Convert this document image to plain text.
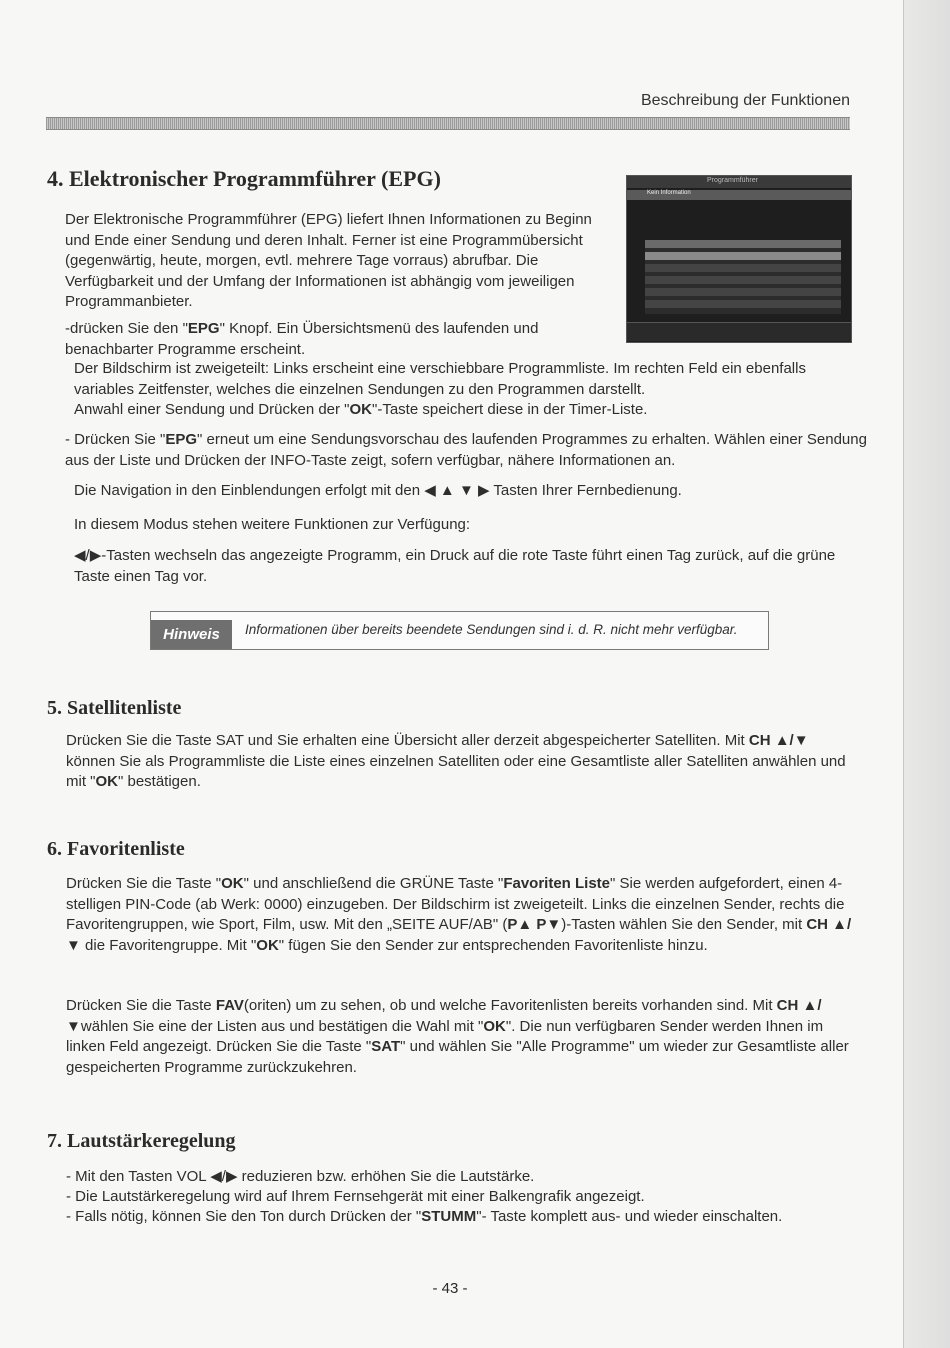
Beschreibung der Funktionen
4. Elektronischer Programmführer (EPG)

Der Elektronische Programmführer (EPG) liefert Ihnen Informationen zu Beginn und Ende einer Sendung und deren Inhalt. Ferner ist eine Programmübersicht (gegenwärtig, heute, morgen, evtl. mehrere Tage vorraus) abrufbar. Die Verfügbarkeit und der Umfang der Informationen ist abhängig vom jeweiligen Programmanbieter.

-drücken Sie den "EPG" Knopf. Ein Übersichtsmenü des laufenden und benachbarter Programme erscheint.

Der Bildschirm ist zweigeteilt: Links erscheint eine verschiebbare Programmliste. Im rechten Feld ein ebenfalls variables Zeitfenster, welches die einzelnen Sendungen zu den Programmen darstellt.

Anwahl einer Sendung und Drücken der "OK"-Taste speichert diese in der Timer-Liste.

- Drücken Sie "EPG" erneut um eine Sendungsvorschau des laufenden Programmes zu erhalten. Wählen einer Sendung aus der Liste und Drücken der INFO-Taste zeigt, sofern verfügbar, nähere Informationen an.

Die Navigation in den Einblendungen erfolgt mit den ◀ ▲ ▼ ▶ Tasten Ihrer Fernbedienung.

In diesem Modus stehen weitere Funktionen zur Verfügung:

◀/▶-Tasten wechseln das angezeigte Programm, ein Druck auf die rote Taste führt einen Tag zurück, auf die grüne Taste einen Tag vor.

Programmführer
Kein Information
Hinweis	Informationen über bereits beendete Sendungen sind i. d. R. nicht mehr verfügbar.
5. Satellitenliste

Drücken Sie die Taste SAT und Sie erhalten eine Übersicht aller derzeit abgespeicherter Satelliten. Mit CH ▲/▼ können Sie als Programmliste die Liste eines einzelnen Satelliten oder eine Gesamtliste aller Satelliten anwählen und mit "OK" bestätigen.

6. Favoritenliste

Drücken Sie die Taste "OK" und anschließend die GRÜNE Taste "Favoriten Liste" Sie werden aufgefordert, einen 4-stelligen PIN-Code (ab Werk: 0000) einzugeben. Der Bildschirm ist zweigeteilt. Links die einzelnen Sender, rechts die Favoritengruppen, wie Sport, Film, usw. Mit den „SEITE AUF/AB" (P▲ P▼)-Tasten wählen Sie den Sender, mit CH ▲/▼ die Favoritengruppe. Mit "OK" fügen Sie den Sender zur entsprechenden Favoritenliste hinzu.

Drücken Sie die Taste FAV(oriten) um zu sehen, ob und welche Favoritenlisten bereits vorhanden sind. Mit CH ▲/▼wählen Sie eine der Listen aus und bestätigen die Wahl mit "OK". Die nun verfügbaren Sender werden Ihnen im linken Feld angezeigt. Drücken Sie die Taste "SAT" und wählen Sie "Alle Programme" um wieder zur Gesamtliste aller gespeicherten Programme zurückzukehren.

7. Lautstärkeregelung

- Mit den Tasten VOL ◀/▶ reduzieren bzw. erhöhen Sie die Lautstärke.

- Die Lautstärkeregelung wird auf Ihrem Fernsehgerät mit einer Balkengrafik angezeigt.

- Falls nötig, können Sie den Ton durch Drücken der "STUMM"- Taste komplett aus- und wieder einschalten.

- 43 -
